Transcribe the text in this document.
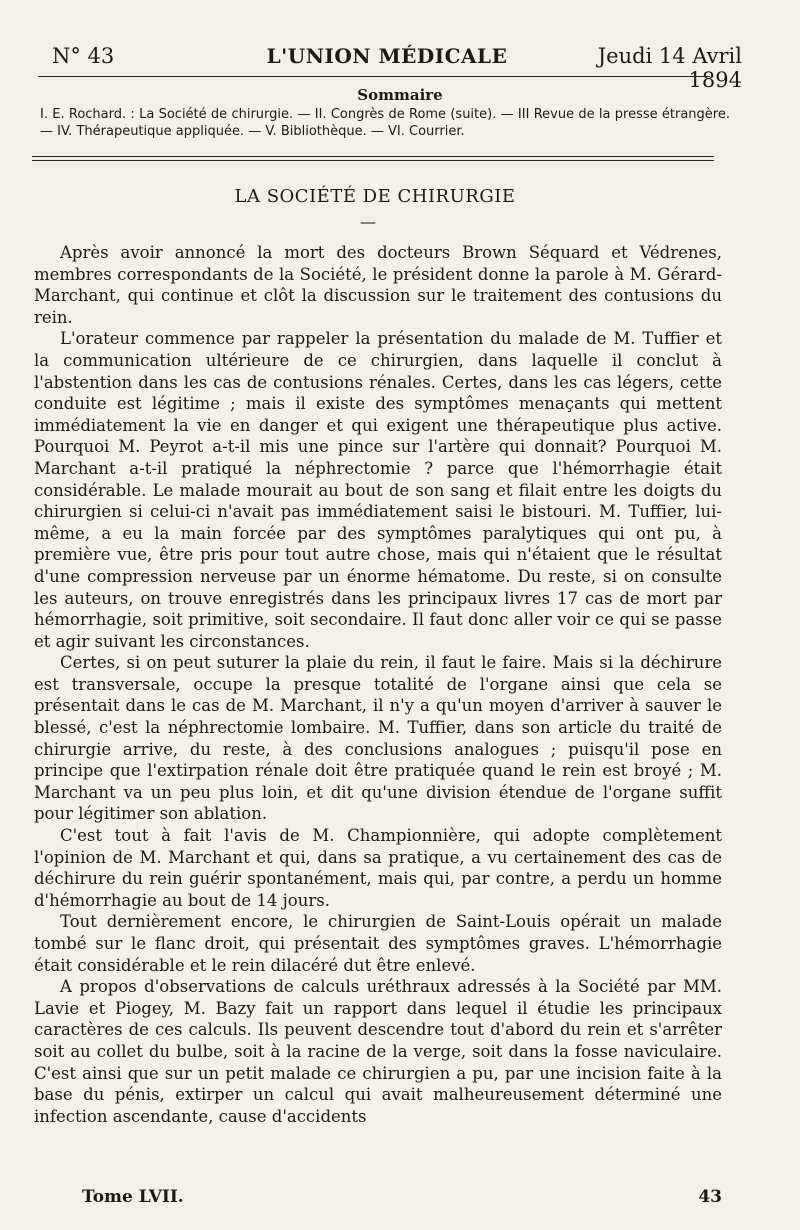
N° 43	L'UNION MÉDICALE	Jeudi 14 Avril 1894
Sommaire
I. E. Rochard. : La Société de chirurgie. — II. Congrès de Rome (suite). — III Revue de la presse étrangère. — IV. Thérapeutique appliquée. — V. Bibliothèque. — VI. Courrier.
LA SOCIÉTÉ DE CHIRURGIE
—

Après avoir annoncé la mort des docteurs Brown Séquard et Védrenes, membres correspondants de la Société, le président donne la parole à M. Gérard-Marchant, qui continue et clôt la discussion sur le traitement des contusions du rein.

L'orateur commence par rappeler la présentation du malade de M. Tuffier et la communication ultérieure de ce chirurgien, dans laquelle il conclut à l'abstention dans les cas de contusions rénales. Certes, dans les cas légers, cette conduite est légitime ; mais il existe des symptômes menaçants qui mettent immédiatement la vie en danger et qui exigent une thérapeutique plus active. Pourquoi M. Peyrot a-t-il mis une pince sur l'artère qui donnait? Pourquoi M. Marchant a-t-il pratiqué la néphrectomie ? parce que l'hémorrhagie était considérable. Le malade mourait au bout de son sang et filait entre les doigts du chirurgien si celui-ci n'avait pas immédiatement saisi le bistouri. M. Tuffier, lui-même, a eu la main forcée par des symptômes paralytiques qui ont pu, à première vue, être pris pour tout autre chose, mais qui n'étaient que le résultat d'une compression nerveuse par un énorme hématome. Du reste, si on consulte les auteurs, on trouve enregistrés dans les principaux livres 17 cas de mort par hémorrhagie, soit primitive, soit secondaire. Il faut donc aller voir ce qui se passe et agir suivant les circonstances.

Certes, si on peut suturer la plaie du rein, il faut le faire. Mais si la déchirure est transversale, occupe la presque totalité de l'organe ainsi que cela se présentait dans le cas de M. Marchant, il n'y a qu'un moyen d'arriver à sauver le blessé, c'est la néphrectomie lombaire. M. Tuffier, dans son article du traité de chirurgie arrive, du reste, à des conclusions analogues ; puisqu'il pose en principe que l'extirpation rénale doit être pratiquée quand le rein est broyé ; M. Marchant va un peu plus loin, et dit qu'une division étendue de l'organe suffit pour légitimer son ablation.

C'est tout à fait l'avis de M. Championnière, qui adopte complètement l'opinion de M. Marchant et qui, dans sa pratique, a vu certainement des cas de déchirure du rein guérir spontanément, mais qui, par contre, a perdu un homme d'hémorrhagie au bout de 14 jours.

Tout dernièrement encore, le chirurgien de Saint-Louis opérait un malade tombé sur le flanc droit, qui présentait des symptômes graves. L'hémorrhagie était considérable et le rein dilacéré dut être enlevé.

A propos d'observations de calculs uréthraux adressés à la Société par MM. Lavie et Piogey, M. Bazy fait un rapport dans lequel il étudie les principaux caractères de ces calculs. Ils peuvent descendre tout d'abord du rein et s'arrêter soit au collet du bulbe, soit à la racine de la verge, soit dans la fosse naviculaire. C'est ainsi que sur un petit malade ce chirurgien a pu, par une incision faite à la base du pénis, extirper un calcul qui avait malheureusement déterminé une infection ascendante, cause d'accidents

Tome LVII.	43
